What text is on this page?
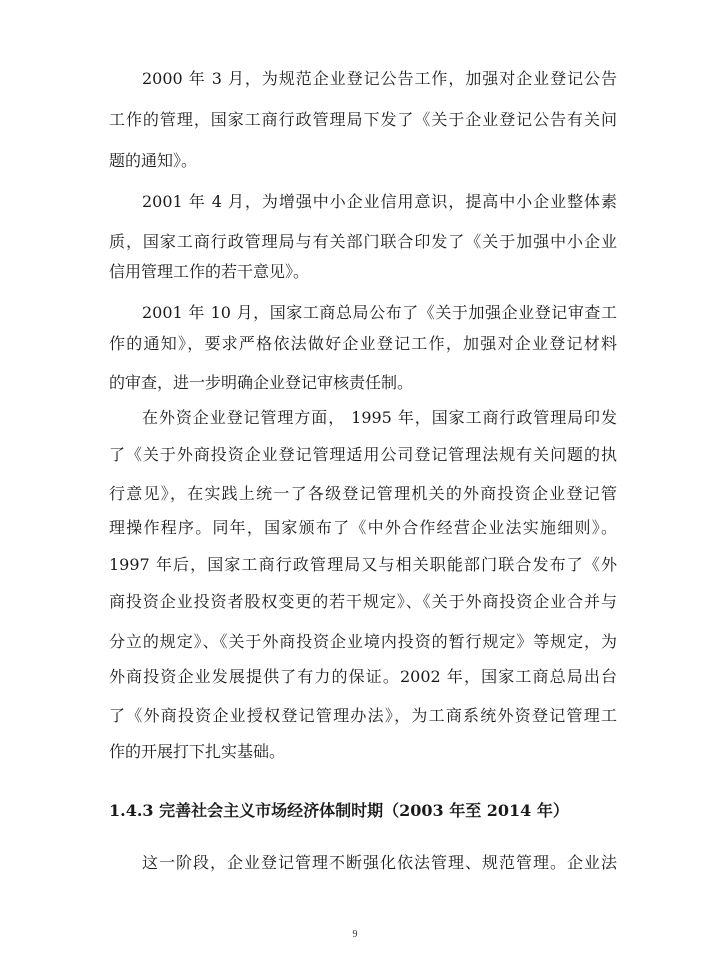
2000 年 3 月，为规范企业登记公告工作，加强对企业登记公告
工作的管理，国家工商行政管理局下发了《关于企业登记公告有关问
题的通知》。
2001 年 4 月，为增强中小企业信用意识，提高中小企业整体素
质，国家工商行政管理局与有关部门联合印发了《关于加强中小企业
信用管理工作的若干意见》。
2001 年 10 月，国家工商总局公布了《关于加强企业登记审查工
作的通知》，要求严格依法做好企业登记工作，加强对企业登记材料
的审查，进一步明确企业登记审核责任制。
在外资企业登记管理方面， 1995 年，国家工商行政管理局印发
了《关于外商投资企业登记管理适用公司登记管理法规有关问题的执
行意见》，在实践上统一了各级登记管理机关的外商投资企业登记管
理操作程序。同年，国家颁布了《中外合作经营企业法实施细则》。
1997 年后，国家工商行政管理局又与相关职能部门联合发布了《外
商投资企业投资者股权变更的若干规定》、《关于外商投资企业合并与
分立的规定》、《关于外商投资企业境内投资的暂行规定》等规定，为
外商投资企业发展提供了有力的保证。2002 年，国家工商总局出台
了《外商投资企业授权登记管理办法》，为工商系统外资登记管理工
作的开展打下扎实基础。
1.4.3 完善社会主义市场经济体制时期（2003 年至 2014 年）
这一阶段，企业登记管理不断强化依法管理、规范管理。企业法
9
